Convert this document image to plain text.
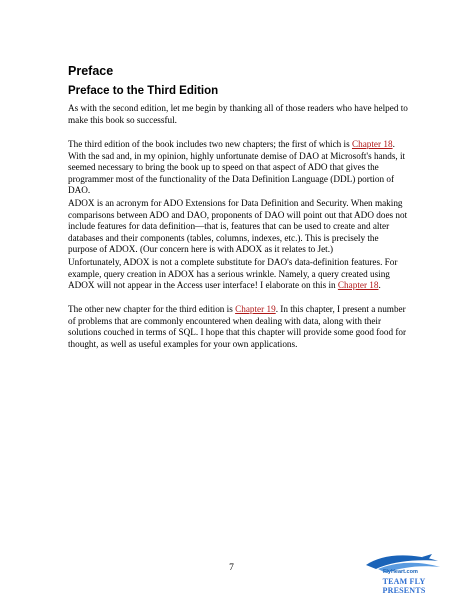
Preface
Preface to the Third Edition

As with the second edition, let me begin by thanking all of those readers who have helped to make this book so successful.

The third edition of the book includes two new chapters; the first of which is Chapter 18. With the sad and, in my opinion, highly unfortunate demise of DAO at Microsoft's hands, it seemed necessary to bring the book up to speed on that aspect of ADO that gives the programmer most of the functionality of the Data Definition Language (DDL) portion of DAO.

ADOX is an acronym for ADO Extensions for Data Definition and Security. When making comparisons between ADO and DAO, proponents of DAO will point out that ADO does not include features for data definition—that is, features that can be used to create and alter databases and their components (tables, columns, indexes, etc.). This is precisely the purpose of ADOX. (Our concern here is with ADOX as it relates to Jet.)

Unfortunately, ADOX is not a complete substitute for DAO's data-definition features. For example, query creation in ADOX has a serious wrinkle. Namely, a query created using ADOX will not appear in the Access user interface! I elaborate on this in Chapter 18.

The other new chapter for the third edition is Chapter 19. In this chapter, I present a number of problems that are commonly encountered when dealing with data, along with their solutions couched in terms of SQL. I hope that this chapter will provide some good food for thought, as well as useful examples for your own applications.

7	FlyHeart.com
TEAM FLY PRESENTS
